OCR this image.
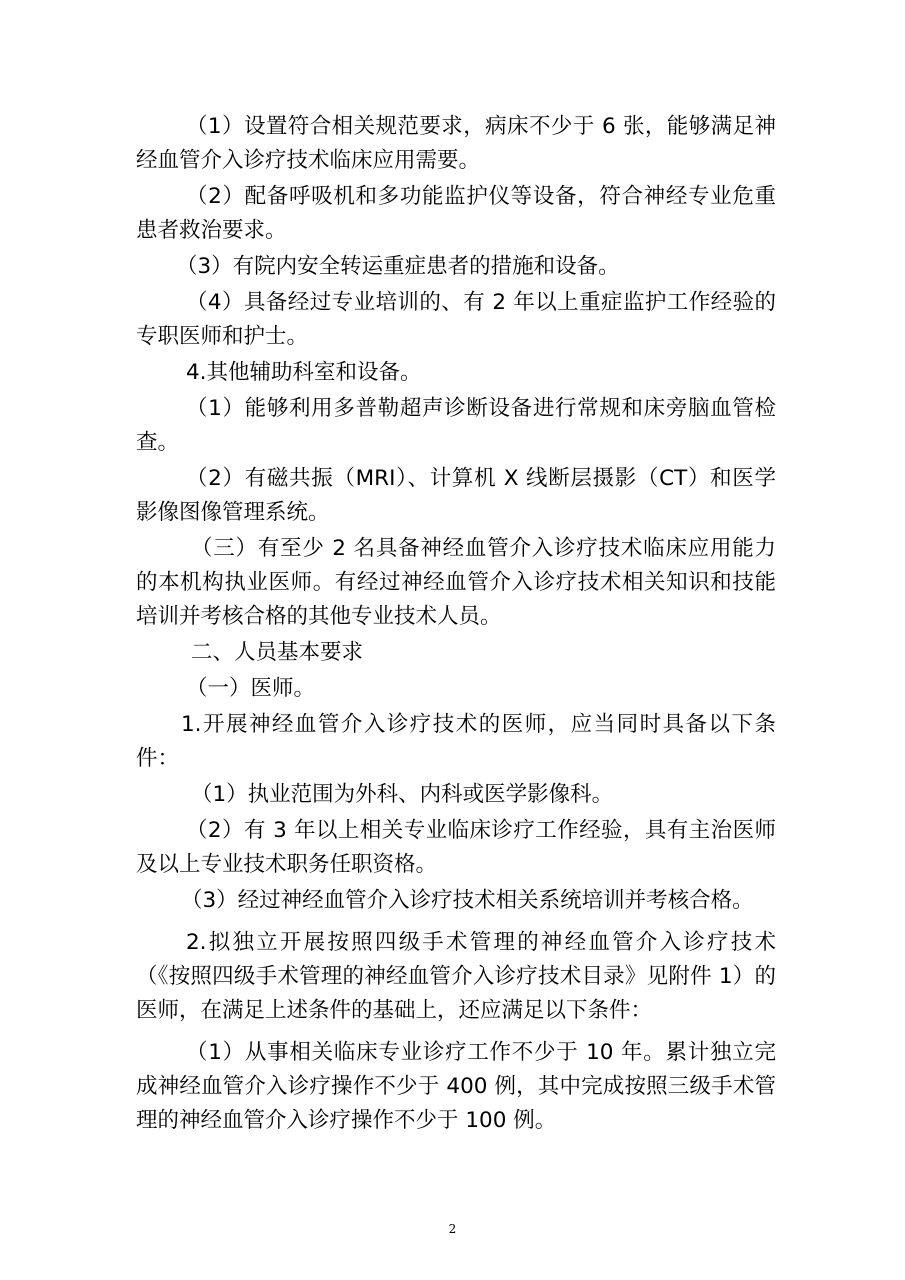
（1）设置符合相关规范要求，病床不少于 6 张，能够满足神经血管介入诊疗技术临床应用需要。

（2）配备呼吸机和多功能监护仪等设备，符合神经专业危重患者救治要求。

（3）有院内安全转运重症患者的措施和设备。

（4）具备经过专业培训的、有 2 年以上重症监护工作经验的专职医师和护士。

4.其他辅助科室和设备。

（1）能够利用多普勒超声诊断设备进行常规和床旁脑血管检查。

（2）有磁共振（MRI）、计算机 X 线断层摄影（CT）和医学影像图像管理系统。

（三）有至少 2 名具备神经血管介入诊疗技术临床应用能力的本机构执业医师。有经过神经血管介入诊疗技术相关知识和技能培训并考核合格的其他专业技术人员。

二、人员基本要求

（一）医师。

1.开展神经血管介入诊疗技术的医师，应当同时具备以下条件：

（1）执业范围为外科、内科或医学影像科。

（2）有 3 年以上相关专业临床诊疗工作经验，具有主治医师及以上专业技术职务任职资格。

（3）经过神经血管介入诊疗技术相关系统培训并考核合格。

2.拟独立开展按照四级手术管理的神经血管介入诊疗技术（《按照四级手术管理的神经血管介入诊疗技术目录》见附件 1）的医师，在满足上述条件的基础上，还应满足以下条件：

（1）从事相关临床专业诊疗工作不少于 10 年。累计独立完成神经血管介入诊疗操作不少于 400 例，其中完成按照三级手术管理的神经血管介入诊疗操作不少于 100 例。

2
